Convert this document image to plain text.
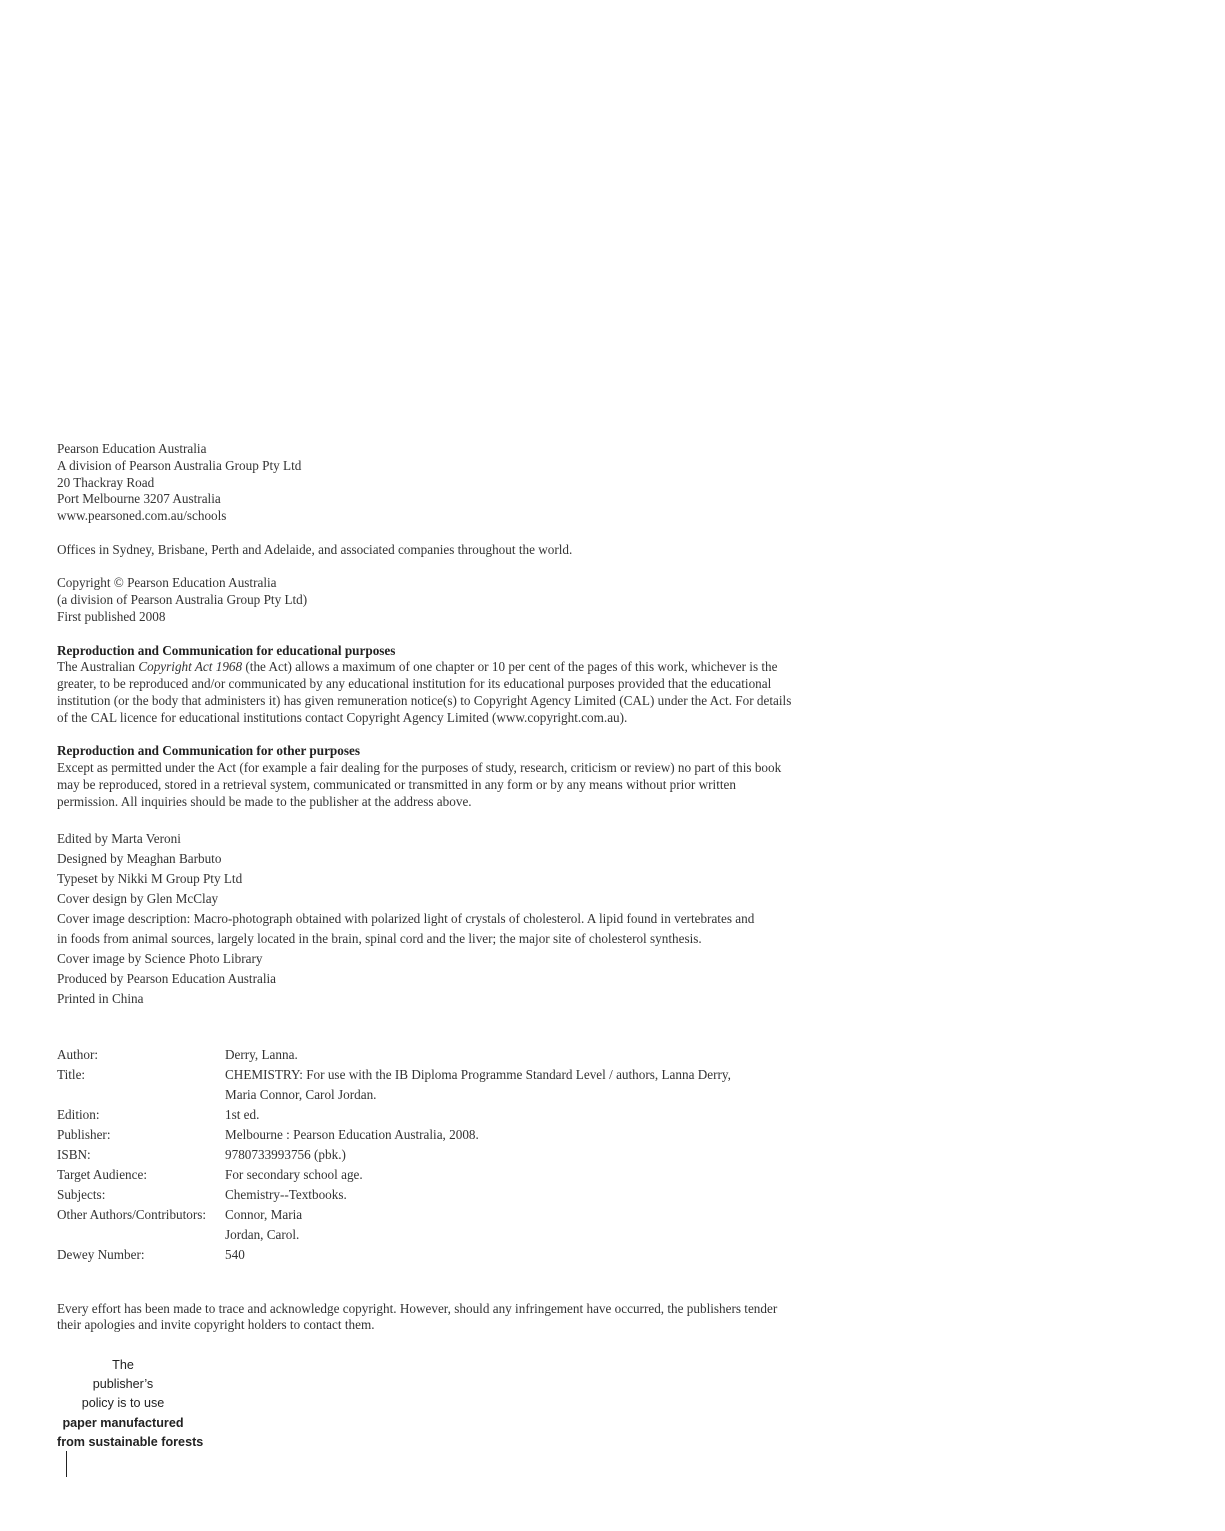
Pearson Education Australia
A division of Pearson Australia Group Pty Ltd
20 Thackray Road
Port Melbourne 3207 Australia
www.pearsoned.com.au/schools
Offices in Sydney, Brisbane, Perth and Adelaide, and associated companies throughout the world.
Copyright © Pearson Education Australia
(a division of Pearson Australia Group Pty Ltd)
First published 2008
Reproduction and Communication for educational purposes
The Australian Copyright Act 1968 (the Act) allows a maximum of one chapter or 10 per cent of the pages of this work, whichever is the greater, to be reproduced and/or communicated by any educational institution for its educational purposes provided that the educational institution (or the body that administers it) has given remuneration notice(s) to Copyright Agency Limited (CAL) under the Act. For details of the CAL licence for educational institutions contact Copyright Agency Limited (www.copyright.com.au).
Reproduction and Communication for other purposes
Except as permitted under the Act (for example a fair dealing for the purposes of study, research, criticism or review) no part of this book may be reproduced, stored in a retrieval system, communicated or transmitted in any form or by any means without prior written permission. All inquiries should be made to the publisher at the address above.
Edited by Marta Veroni
Designed by Meaghan Barbuto
Typeset by Nikki M Group Pty Ltd
Cover design by Glen McClay
Cover image description: Macro-photograph obtained with polarized light of crystals of cholesterol. A lipid found in vertebrates and
in foods from animal sources, largely located in the brain, spinal cord and the liver; the major site of cholesterol synthesis.
Cover image by Science Photo Library
Produced by Pearson Education Australia
Printed in China
Author:	Derry, Lanna.
Title:	CHEMISTRY: For use with the IB Diploma Programme Standard Level / authors, Lanna Derry,
Maria Connor, Carol Jordan.
Edition:	1st ed.
Publisher:	Melbourne : Pearson Education Australia, 2008.
ISBN:	9780733993756 (pbk.)
Target Audience:	For secondary school age.
Subjects:	Chemistry--Textbooks.
Other Authors/Contributors:	Connor, Maria
Jordan, Carol.
Dewey Number:	540
Every effort has been made to trace and acknowledge copyright. However, should any infringement have occurred, the publishers tender their apologies and invite copyright holders to contact them.
The
publisher’s
policy is to use
paper manufactured
from sustainable forests
